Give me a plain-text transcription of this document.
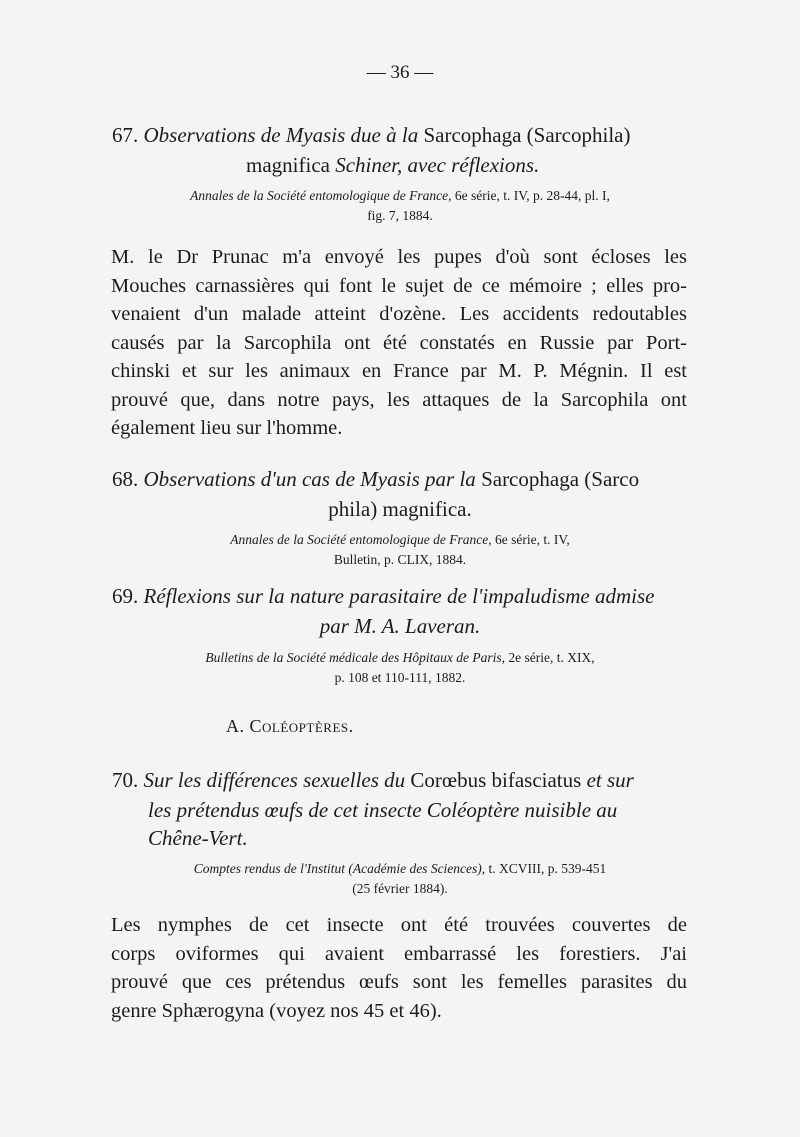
— 36 —
67. Observations de Myasis due à la Sarcophaga (Sarcophila)
magnifica Schiner, avec réflexions.
Annales de la Société entomologique de France, 6e série, t. IV, p. 28-44, pl. I,
fig. 7, 1884.
M. le Dr Prunac m'a envoyé les pupes d'où sont écloses les
Mouches carnassières qui font le sujet de ce mémoire ; elles pro-
venaient d'un malade atteint d'ozène. Les accidents redoutables
causés par la Sarcophila ont été constatés en Russie par Port-
chinski et sur les animaux en France par M. P. Mégnin. Il est
prouvé que, dans notre pays, les attaques de la Sarcophila ont
également lieu sur l'homme.
68. Observations d'un cas de Myasis par la Sarcophaga (Sarco
phila) magnifica.
Annales de la Société entomologique de France, 6e série, t. IV,
Bulletin, p. CLIX, 1884.
69. Réflexions sur la nature parasitaire de l'impaludisme admise
par M. A. Laveran.
Bulletins de la Société médicale des Hôpitaux de Paris, 2e série, t. XIX,
p. 108 et 110-111, 1882.
A. Coléoptères.
70. Sur les différences sexuelles du Corœbus bifasciatus et sur
les prétendus œufs de cet insecte Coléoptère nuisible au
Chêne-Vert.
Comptes rendus de l'Institut (Académie des Sciences), t. XCVIII, p. 539-451
(25 février 1884).
Les nymphes de cet insecte ont été trouvées couvertes de
corps oviformes qui avaient embarrassé les forestiers. J'ai
prouvé que ces prétendus œufs sont les femelles parasites du
genre Sphærogyna (voyez nos 45 et 46).
